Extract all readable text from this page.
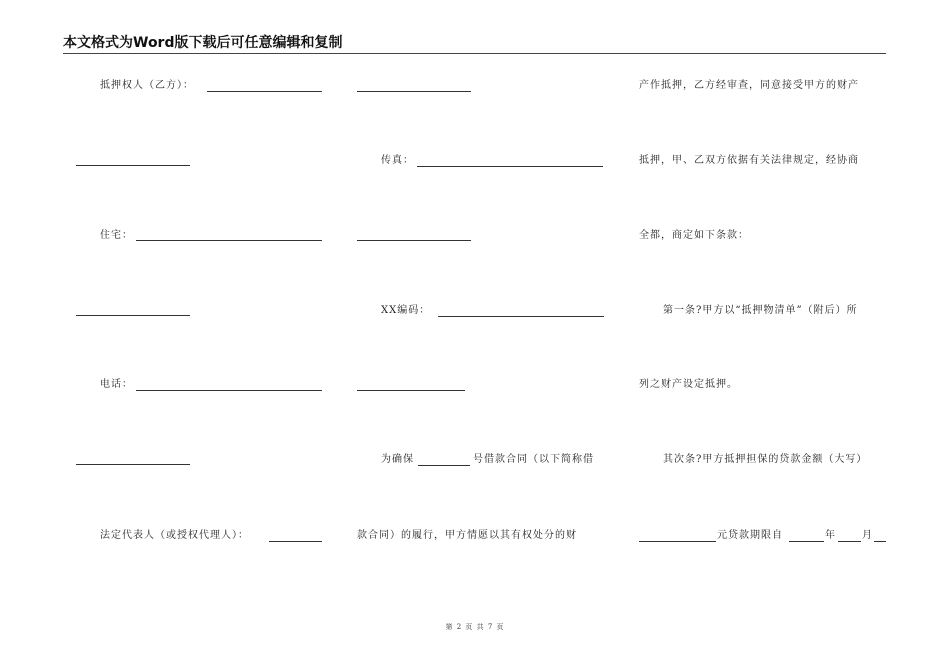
本文格式为Word版下载后可任意编辑和复制
抵押权人（乙方）：
住宅：
电话：
法定代表人（或授权代理人）：
传真：
XX编码：
为确保	号借款合同（以下简称借
款合同）的履行，甲方情愿以其有权处分的财
产作抵押，乙方经审查，同意接受甲方的财产
抵押，甲、乙双方依据有关法律规定，经协商
全都，商定如下条款：
第一条?甲方以“抵押物清单”（附后）所
列之财产设定抵押。
其次条?甲方抵押担保的贷款金额（大写）
元贷款期限自	年	月
第 2 页 共 7 页
